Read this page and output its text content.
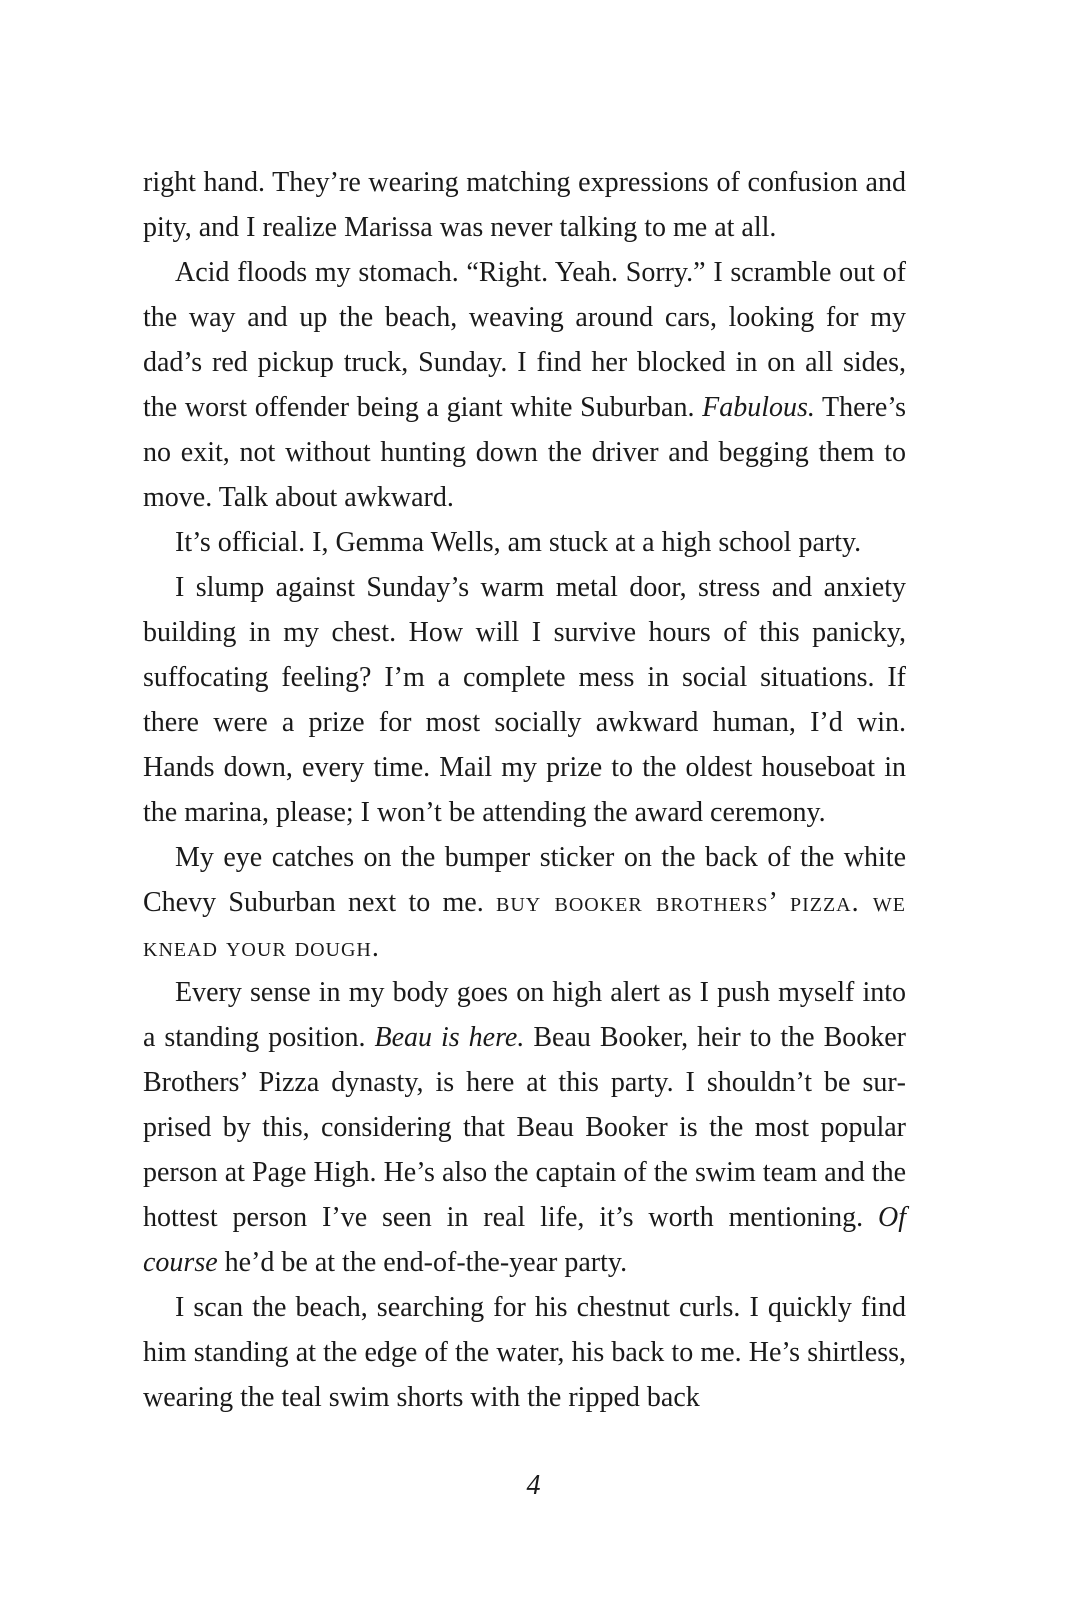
right hand. They’re wearing matching expressions of confusion and pity, and I realize Marissa was never talking to me at all.

Acid floods my stomach. “Right. Yeah. Sorry.” I scramble out of the way and up the beach, weaving around cars, looking for my dad’s red pickup truck, Sunday. I find her blocked in on all sides, the worst offender being a giant white Suburban. Fabulous. There’s no exit, not without hunting down the driver and begging them to move. Talk about awkward.

It’s official. I, Gemma Wells, am stuck at a high school party.

I slump against Sunday’s warm metal door, stress and anxiety building in my chest. How will I survive hours of this panicky, suffocating feeling? I’m a complete mess in social situations. If there were a prize for most socially awkward human, I’d win. Hands down, every time. Mail my prize to the oldest houseboat in the marina, please; I won’t be attending the award ceremony.

My eye catches on the bumper sticker on the back of the white Chevy Suburban next to me. buy booker brothers’ pizza. we knead your dough.

Every sense in my body goes on high alert as I push myself into a standing position. Beau is here. Beau Booker, heir to the Booker Brothers’ Pizza dynasty, is here at this party. I shouldn’t be surprised by this, considering that Beau Booker is the most popular person at Page High. He’s also the captain of the swim team and the hottest person I’ve seen in real life, it’s worth mentioning. Of course he’d be at the end-of-the-year party.

I scan the beach, searching for his chestnut curls. I quickly find him standing at the edge of the water, his back to me. He’s shirtless, wearing the teal swim shorts with the ripped back

4
